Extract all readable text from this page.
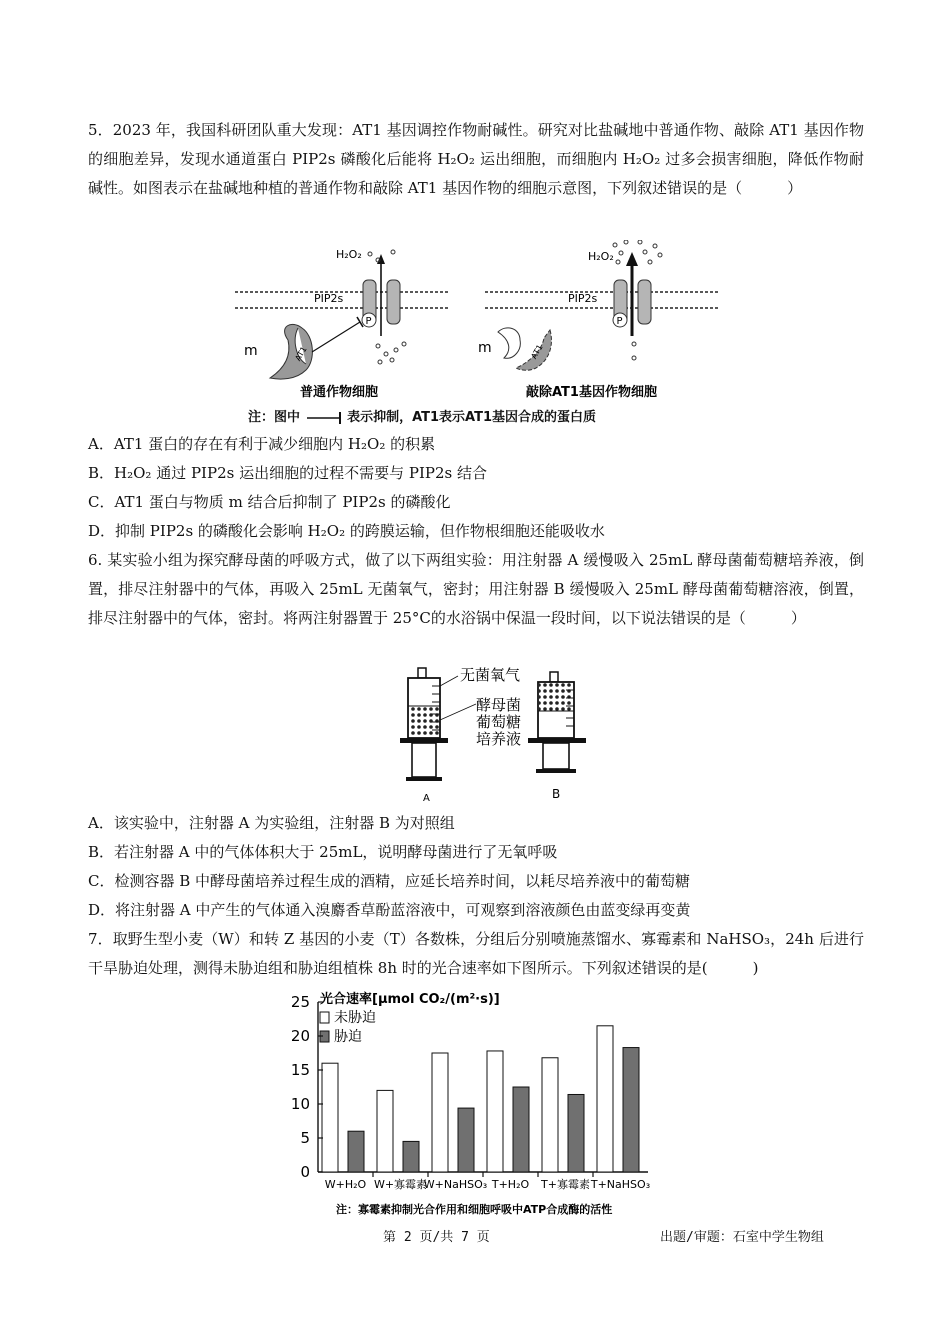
5．2023 年，我国科研团队重大发现：AT1 基因调控作物耐碱性。研究对比盐碱地中普通作物、敲除 AT1 基因作物的细胞差异，发现水通道蛋白 PIP2s 磷酸化后能将 H₂O₂ 运出细胞，而细胞内 H₂O₂ 过多会损害细胞，降低作物耐碱性。如图表示在盐碱地种植的普通作物和敲除 AT1 基因作物的细胞示意图，下列叙述错误的是（　　　）
P
H₂O₂
PIP2s
m	AT1
普通作物细胞
P
H₂O₂
PIP2s
m	AT1
敲除AT1基因作物细胞
注：图中	表示抑制，AT1表示AT1基因合成的蛋白质
A．AT1 蛋白的存在有利于减少细胞内 H₂O₂ 的积累
B．H₂O₂ 通过 PIP2s 运出细胞的过程不需要与 PIP2s 结合
C．AT1 蛋白与物质 m 结合后抑制了 PIP2s 的磷酸化
D．抑制 PIP2s 的磷酸化会影响 H₂O₂ 的跨膜运输，但作物根细胞还能吸收水
6. 某实验小组为探究酵母菌的呼吸方式，做了以下两组实验：用注射器 A 缓慢吸入 25mL 酵母菌葡萄糖培养液，倒置，排尽注射器中的气体，再吸入 25mL 无菌氧气，密封；用注射器 B 缓慢吸入 25mL 酵母菌葡萄糖溶液，倒置，排尽注射器中的气体，密封。将两注射器置于 25°C的水浴锅中保温一段时间，以下说法错误的是（　　　）
A
无菌氧气
酵母菌
葡萄糖
培养液
B
A．该实验中，注射器 A 为实验组，注射器 B 为对照组
B．若注射器 A 中的气体体积大于 25mL，说明酵母菌进行了无氧呼吸
C．检测容器 B 中酵母菌培养过程生成的酒精，应延长培养时间，以耗尽培养液中的葡萄糖
D．将注射器 A 中产生的气体通入溴麝香草酚蓝溶液中，可观察到溶液颜色由蓝变绿再变黄
7．取野生型小麦（W）和转 Z 基因的小麦（T）各数株，分组后分别喷施蒸馏水、寡霉素和 NaHSO₃，24h 后进行干旱胁迫处理，测得未胁迫组和胁迫组植株 8h 时的光合速率如下图所示。下列叙述错误的是(　　　)
光合速率[μmol CO₂/(m²·s)]
未胁迫
胁迫
0
5
10
15
20
25
W+H₂O W+寡霉素
W+NaHSO₃ T+H₂O T+寡霉素 T+NaHSO₃
注：寡霉素抑制光合作用和细胞呼吸中ATP合成酶的活性
第 2 页/共 7 页	出题/审题：石室中学生物组
